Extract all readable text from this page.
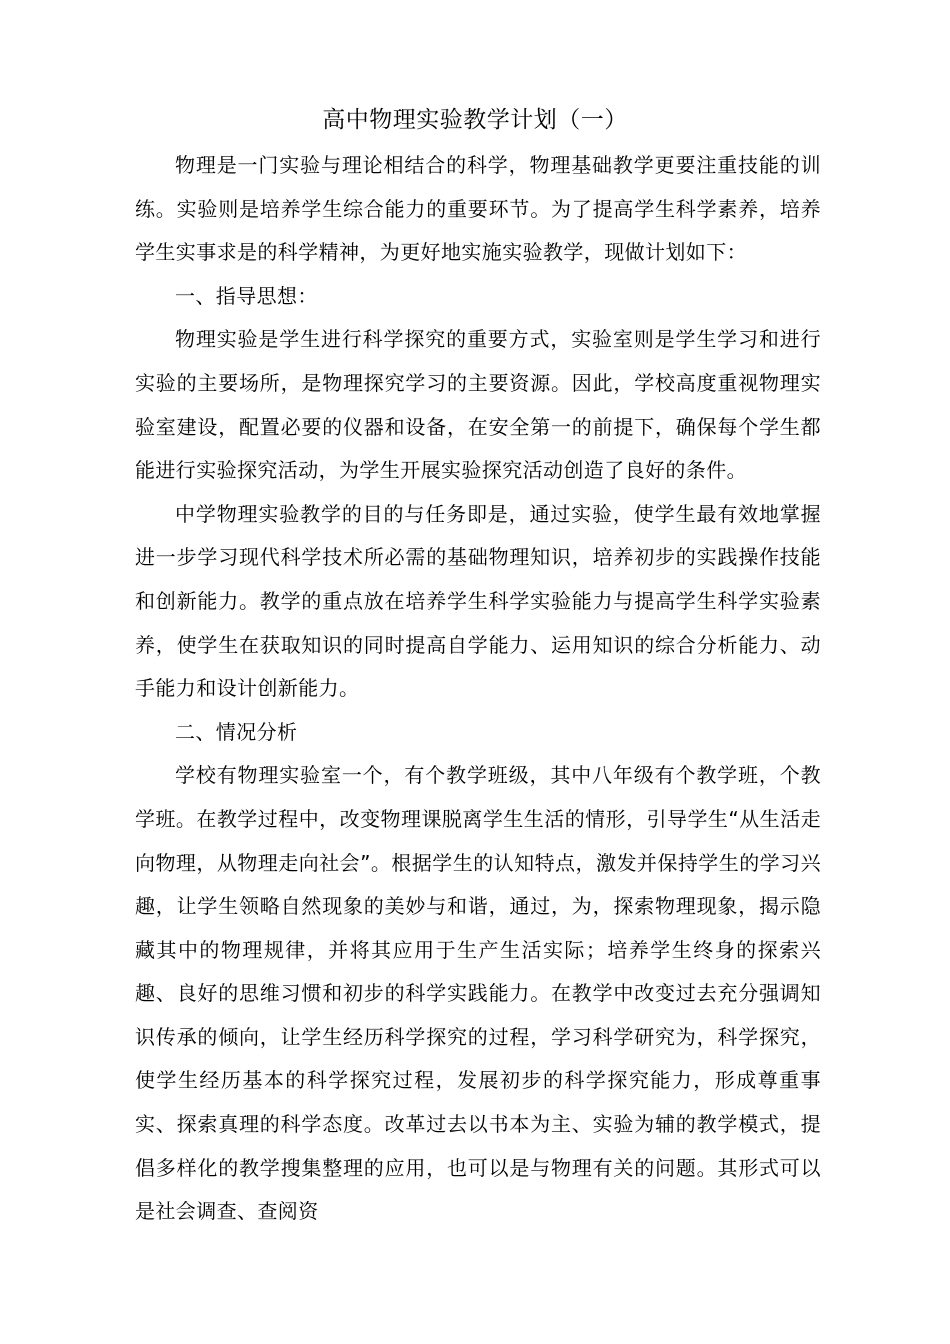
高中物理实验教学计划（一）

物理是一门实验与理论相结合的科学，物理基础教学更要注重技能的训练。实验则是培养学生综合能力的重要环节。为了提高学生科学素养，培养学生实事求是的科学精神，为更好地实施实验教学，现做计划如下：

一、指导思想：

物理实验是学生进行科学探究的重要方式，实验室则是学生学习和进行实验的主要场所，是物理探究学习的主要资源。因此，学校高度重视物理实验室建设，配置必要的仪器和设备，在安全第一的前提下，确保每个学生都能进行实验探究活动，为学生开展实验探究活动创造了良好的条件。

中学物理实验教学的目的与任务即是，通过实验，使学生最有效地掌握进一步学习现代科学技术所必需的基础物理知识，培养初步的实践操作技能和创新能力。教学的重点放在培养学生科学实验能力与提高学生科学实验素养，使学生在获取知识的同时提高自学能力、运用知识的综合分析能力、动手能力和设计创新能力。

二、情况分析

学校有物理实验室一个，有个教学班级，其中八年级有个教学班，个教学班。在教学过程中，改变物理课脱离学生生活的情形，引导学生“从生活走向物理，从物理走向社会”。根据学生的认知特点，激发并保持学生的学习兴趣，让学生领略自然现象的美妙与和谐，通过，为，探索物理现象，揭示隐藏其中的物理规律，并将其应用于生产生活实际；培养学生终身的探索兴趣、良好的思维习惯和初步的科学实践能力。在教学中改变过去充分强调知识传承的倾向，让学生经历科学探究的过程，学习科学研究为，科学探究，使学生经历基本的科学探究过程，发展初步的科学探究能力，形成尊重事实、探索真理的科学态度。改革过去以书本为主、实验为辅的教学模式，提倡多样化的教学搜集整理的应用，也可以是与物理有关的问题。其形式可以是社会调查、查阅资
